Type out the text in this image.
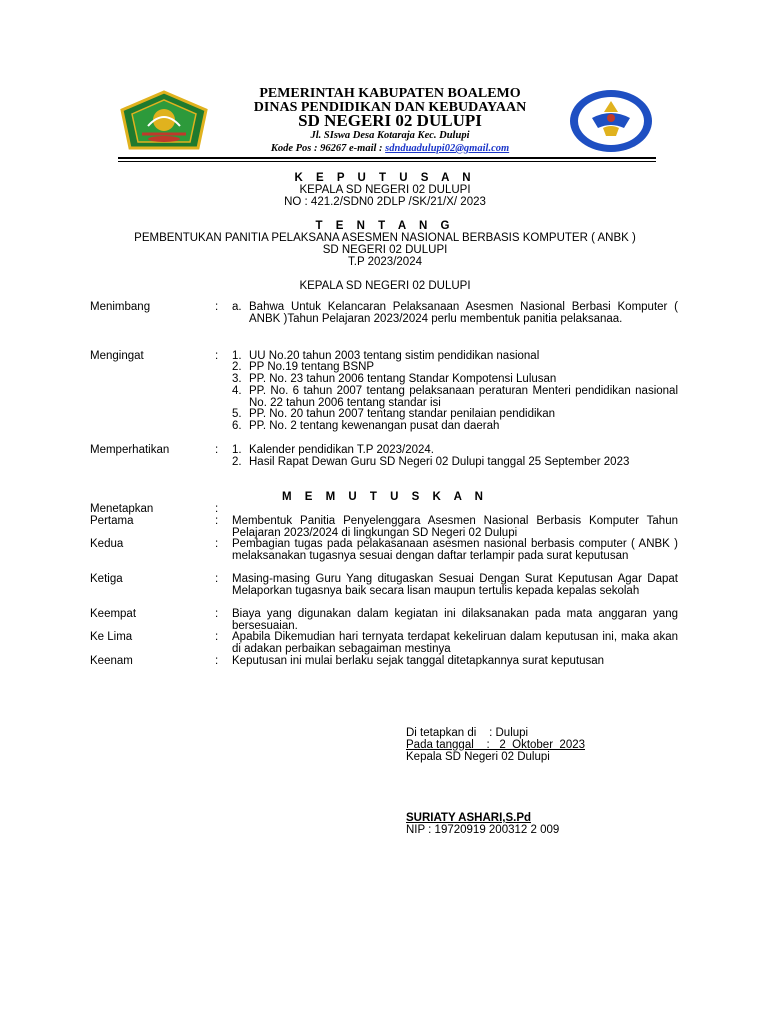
PEMERINTAH KABUPATEN BOALEMO
DINAS PENDIDIKAN DAN KEBUDAYAAN
SD NEGERI 02 DULUPI
Jl. SIswa Desa Kotaraja Kec. Dulupi
Kode Pos : 96267 e-mail : sdnduadulupi02@gmail.com
K E P U T U S A N
KEPALA SD NEGERI 02 DULUPI
NO : 421.2/SDN0 2DLP /SK/21/X/ 2023
T E N T A N G
PEMBENTUKAN PANITIA PELAKSANA ASESMEN NASIONAL BERBASIS KOMPUTER ( ANBK )
SD NEGERI 02 DULUPI
T.P 2023/2024
KEPALA SD NEGERI 02 DULUPI
Menimbang	: a. Bahwa Untuk Kelancaran Pelaksanaan Asesmen Nasional Berbasi Komputer ( ANBK )Tahun Pelajaran 2023/2024 perlu membentuk panitia pelaksanaa.
Mengingat	: 1. UU No.20 tahun 2003 tentang sistim pendidikan nasional
2. PP No.19 tentang BSNP
3. PP. No. 23 tahun 2006 tentang Standar Kompotensi Lulusan
4. PP. No. 6 tahun 2007 tentang pelaksanaan peraturan Menteri pendidikan nasional No. 22 tahun 2006 tentang standar isi
5. PP. No. 20 tahun 2007 tentang standar penilaian pendidikan
6. PP. No. 2 tentang kewenangan pusat dan daerah
Memperhatikan	: 1. Kalender pendidikan T.P 2023/2024.
2. Hasil Rapat Dewan Guru SD Negeri 02 Dulupi tanggal 25 September 2023
M E M U T U S K A N
Menetapkan	:
Pertama	: Membentuk Panitia Penyelenggara Asesmen Nasional Berbasis Komputer Tahun Pelajaran 2023/2024 di lingkungan SD Negeri 02 Dulupi
Kedua	: Pembagian tugas pada pelakasanaan asesmen nasional berbasis computer ( ANBK ) melaksanakan tugasnya sesuai dengan daftar terlampir pada surat keputusan
Ketiga	: Masing-masing Guru Yang ditugaskan Sesuai Dengan Surat Keputusan Agar Dapat Melaporkan tugasnya baik secara lisan maupun tertulis kepada kepalas sekolah
Keempat	: Biaya yang digunakan dalam kegiatan ini dilaksanakan pada mata anggaran yang bersesuaian.
Ke Lima	: Apabila Dikemudian hari ternyata terdapat kekeliruan dalam keputusan ini, maka akan di adakan perbaikan sebagaiman mestinya
Keenam	: Keputusan ini mulai berlaku sejak tanggal ditetapkannya surat keputusan
Di tetapkan di    : Dulupi
Pada tanggal    :   2  Oktober  2023
Kepala SD Negeri 02 Dulupi
SURIATY ASHARI,S.Pd
NIP : 19720919 200312 2 009
